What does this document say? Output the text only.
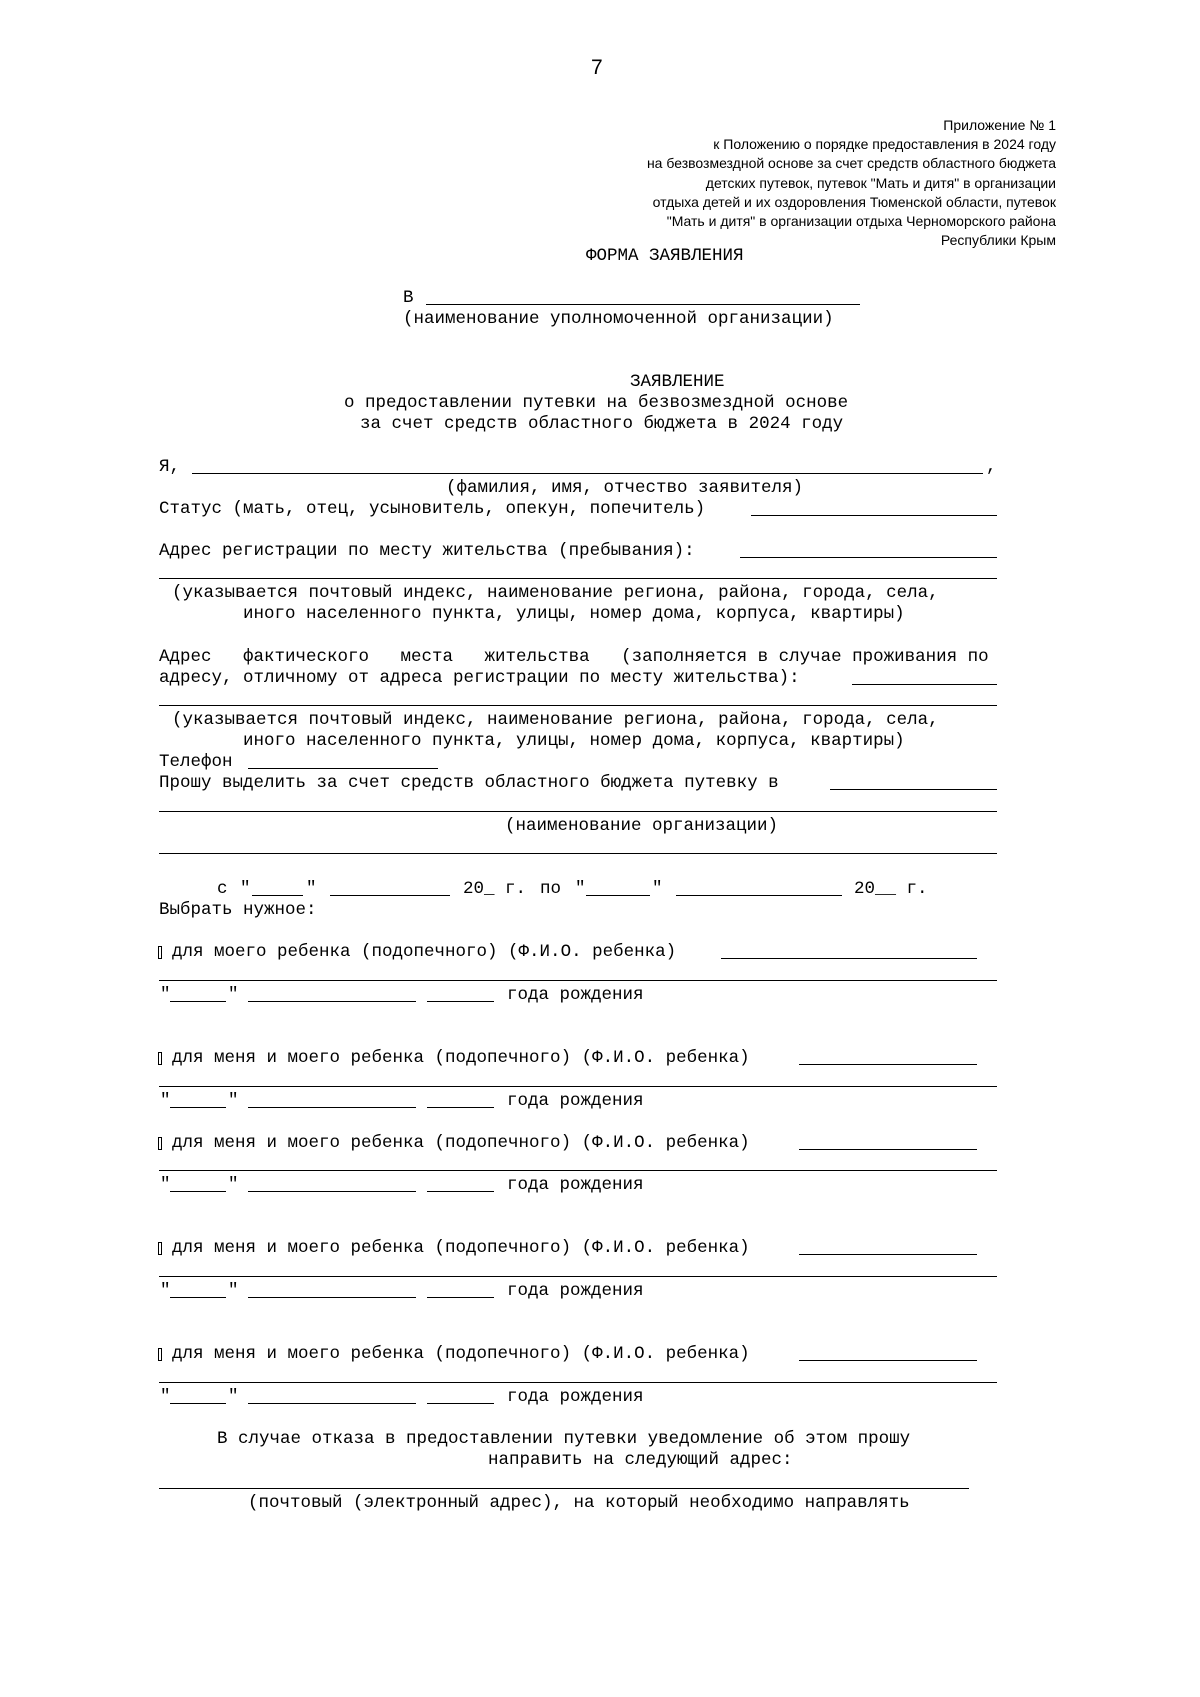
7
Приложение № 1
к Положению о порядке предоставления в 2024 году
на безвозмездной основе за счет средств областного бюджета
детских путевок, путевок "Мать и дитя" в организации
отдыха детей и их оздоровления Тюменской области, путевок
"Мать и дитя" в организации отдыха Черноморского района
Республики Крым
ФОРМА ЗАЯВЛЕНИЯ
В
(наименование уполномоченной организации)
ЗАЯВЛЕНИЕ
о предоставлении путевки на безвозмездной основе
за счет средств областного бюджета в 2024 году
Я,	,
(фамилия, имя, отчество заявителя)
Статус (мать, отец, усыновитель, опекун, попечитель)
Адрес регистрации по месту жительства (пребывания):
(указывается почтовый индекс, наименование региона, района, города, села,
иного населенного пункта, улицы, номер дома, корпуса, квартиры)
Адрес   фактического   места   жительства   (заполняется в случае проживания по
адресу, отличному от адреса регистрации по месту жительства):
(указывается почтовый индекс, наименование региона, района, города, села,
иного населенного пункта, улицы, номер дома, корпуса, квартиры)
Телефон
Прошу выделить за счет средств областного бюджета путевку в
(наименование организации)
с "	"	20_ г. по "	"	20__ г.
Выбрать нужное:
для моего ребенка (подопечного) (Ф.И.О. ребенка)
"	"	года рождения
для меня и моего ребенка (подопечного) (Ф.И.О. ребенка)
"	"	года рождения
для меня и моего ребенка (подопечного) (Ф.И.О. ребенка)
"	"	года рождения
для меня и моего ребенка (подопечного) (Ф.И.О. ребенка)
"	"	года рождения
для меня и моего ребенка (подопечного) (Ф.И.О. ребенка)
"	"	года рождения
В случае отказа в предоставлении путевки уведомление об этом прошу
направить на следующий адрес:
(почтовый (электронный адрес), на который необходимо направлять
